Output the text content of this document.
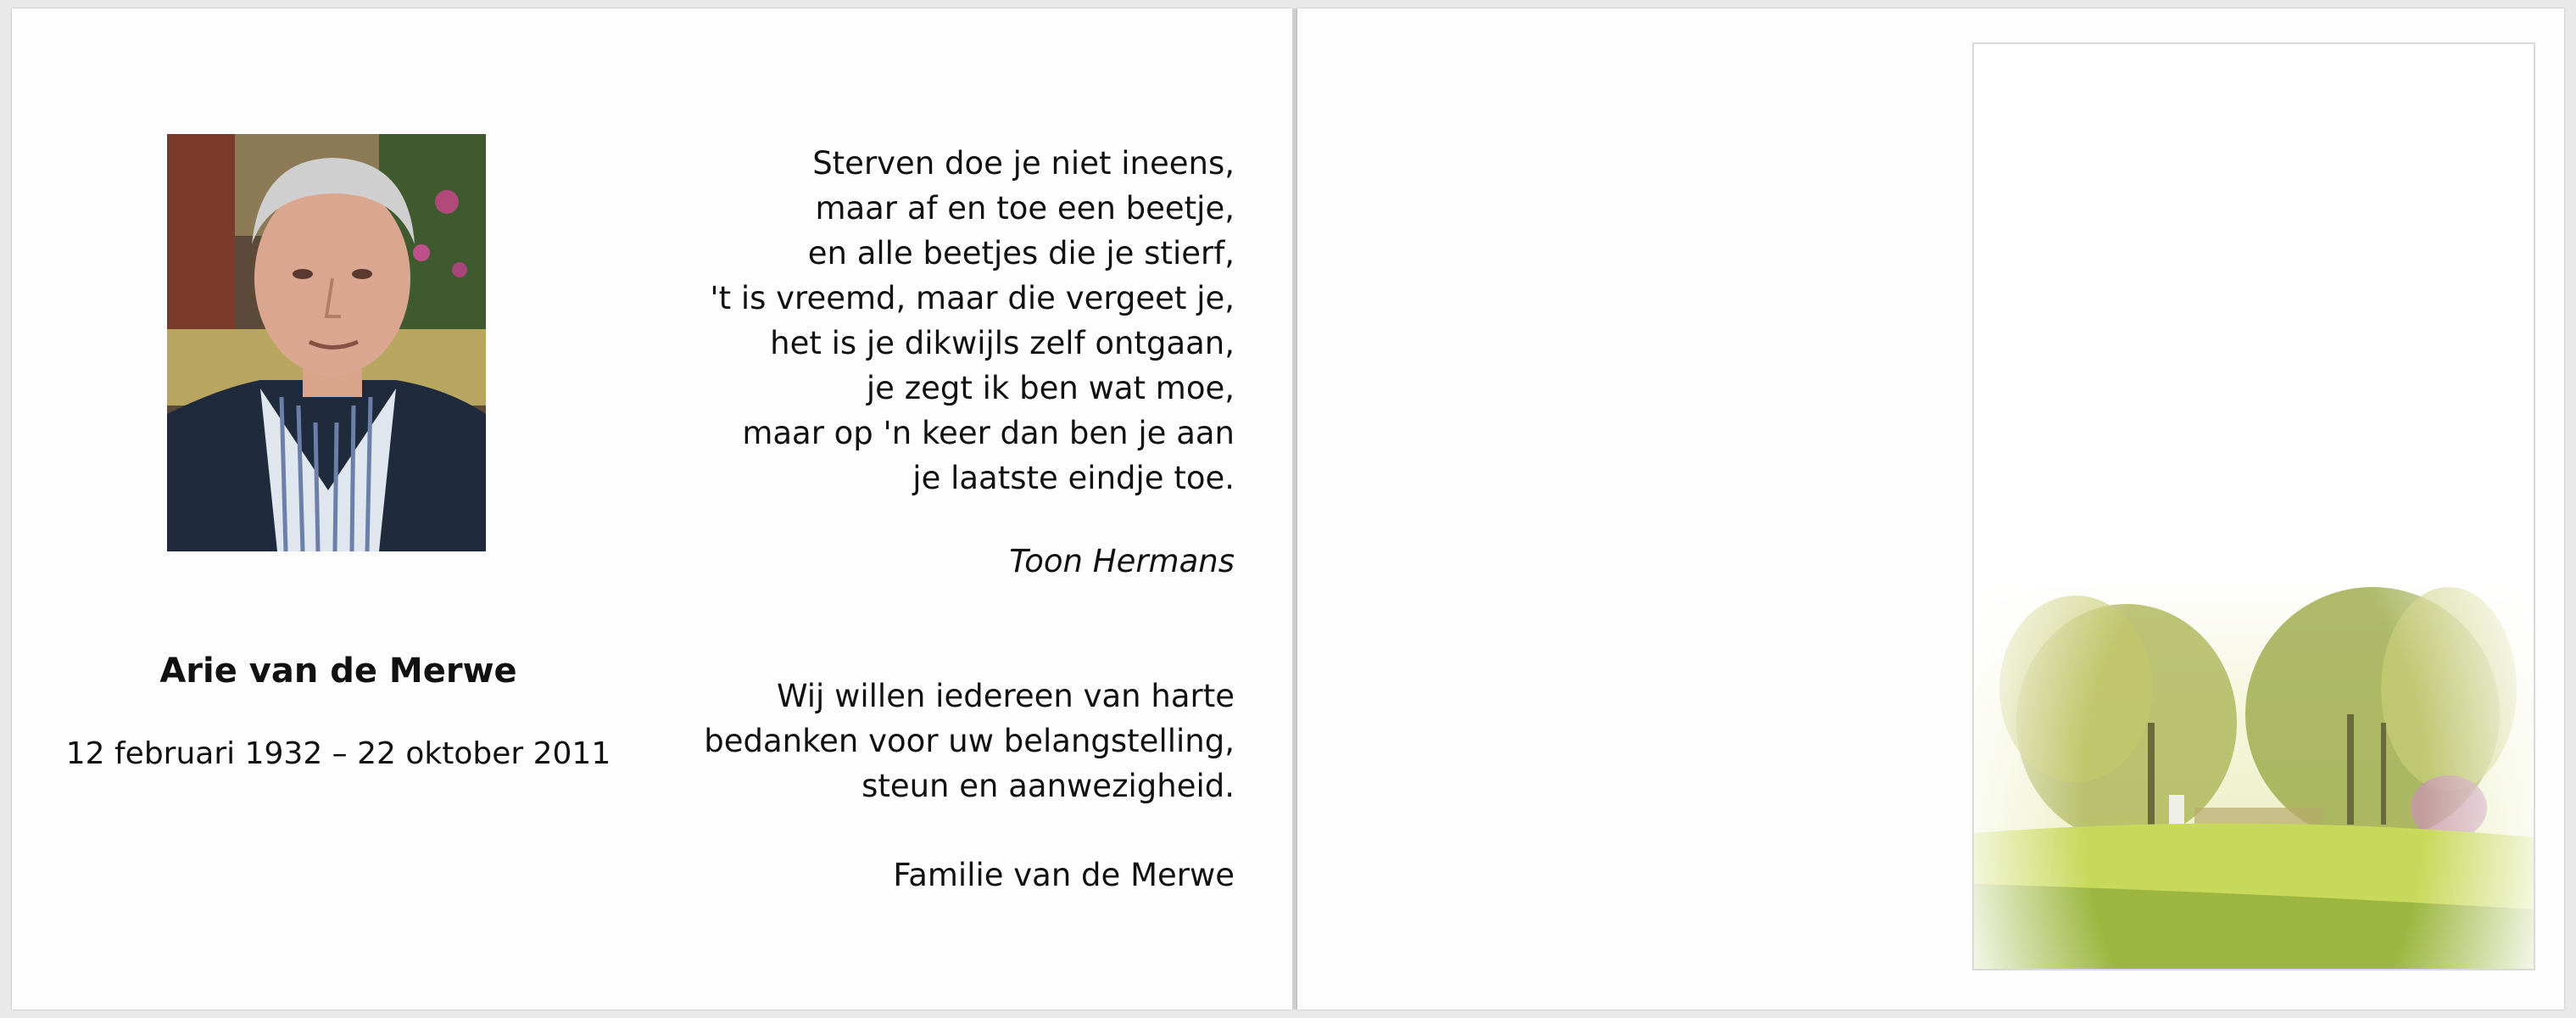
Arie van de Merwe
12 februari 1932 – 22 oktober 2011
Sterven doe je niet ineens,
maar af en toe een beetje,
en alle beetjes die je stierf,
't is vreemd, maar die vergeet je,
het is je dikwijls zelf ontgaan,
je zegt ik ben wat moe,
maar op 'n keer dan ben je aan
je laatste eindje toe.
Toon Hermans
Wij willen iedereen van harte
bedanken voor uw belangstelling,
steun en aanwezigheid.
Familie van de Merwe
